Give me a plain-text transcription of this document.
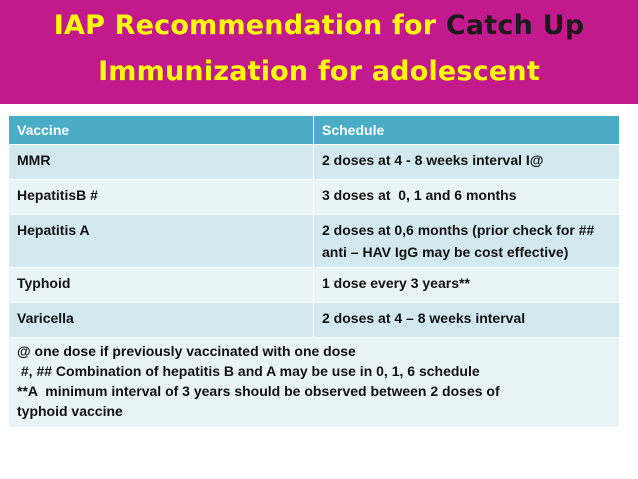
IAP Recommendation for Catch Up
Immunization for adolescent
Vaccine	Schedule
MMR	2 doses at 4 - 8 weeks interval I@
HepatitisB #	3 doses at  0, 1 and 6 months
Hepatitis A	2 doses at 0,6 months (prior check for ## anti – HAV IgG may be cost effective)
Typhoid	1 dose every 3 years**
Varicella	2 doses at 4 – 8 weeks interval

@ one dose if previously vaccinated with one dose
#, ## Combination of hepatitis B and A may be use in 0, 1, 6 schedule
**A  minimum interval of 3 years should be observed between 2 doses of
typhoid vaccine	
